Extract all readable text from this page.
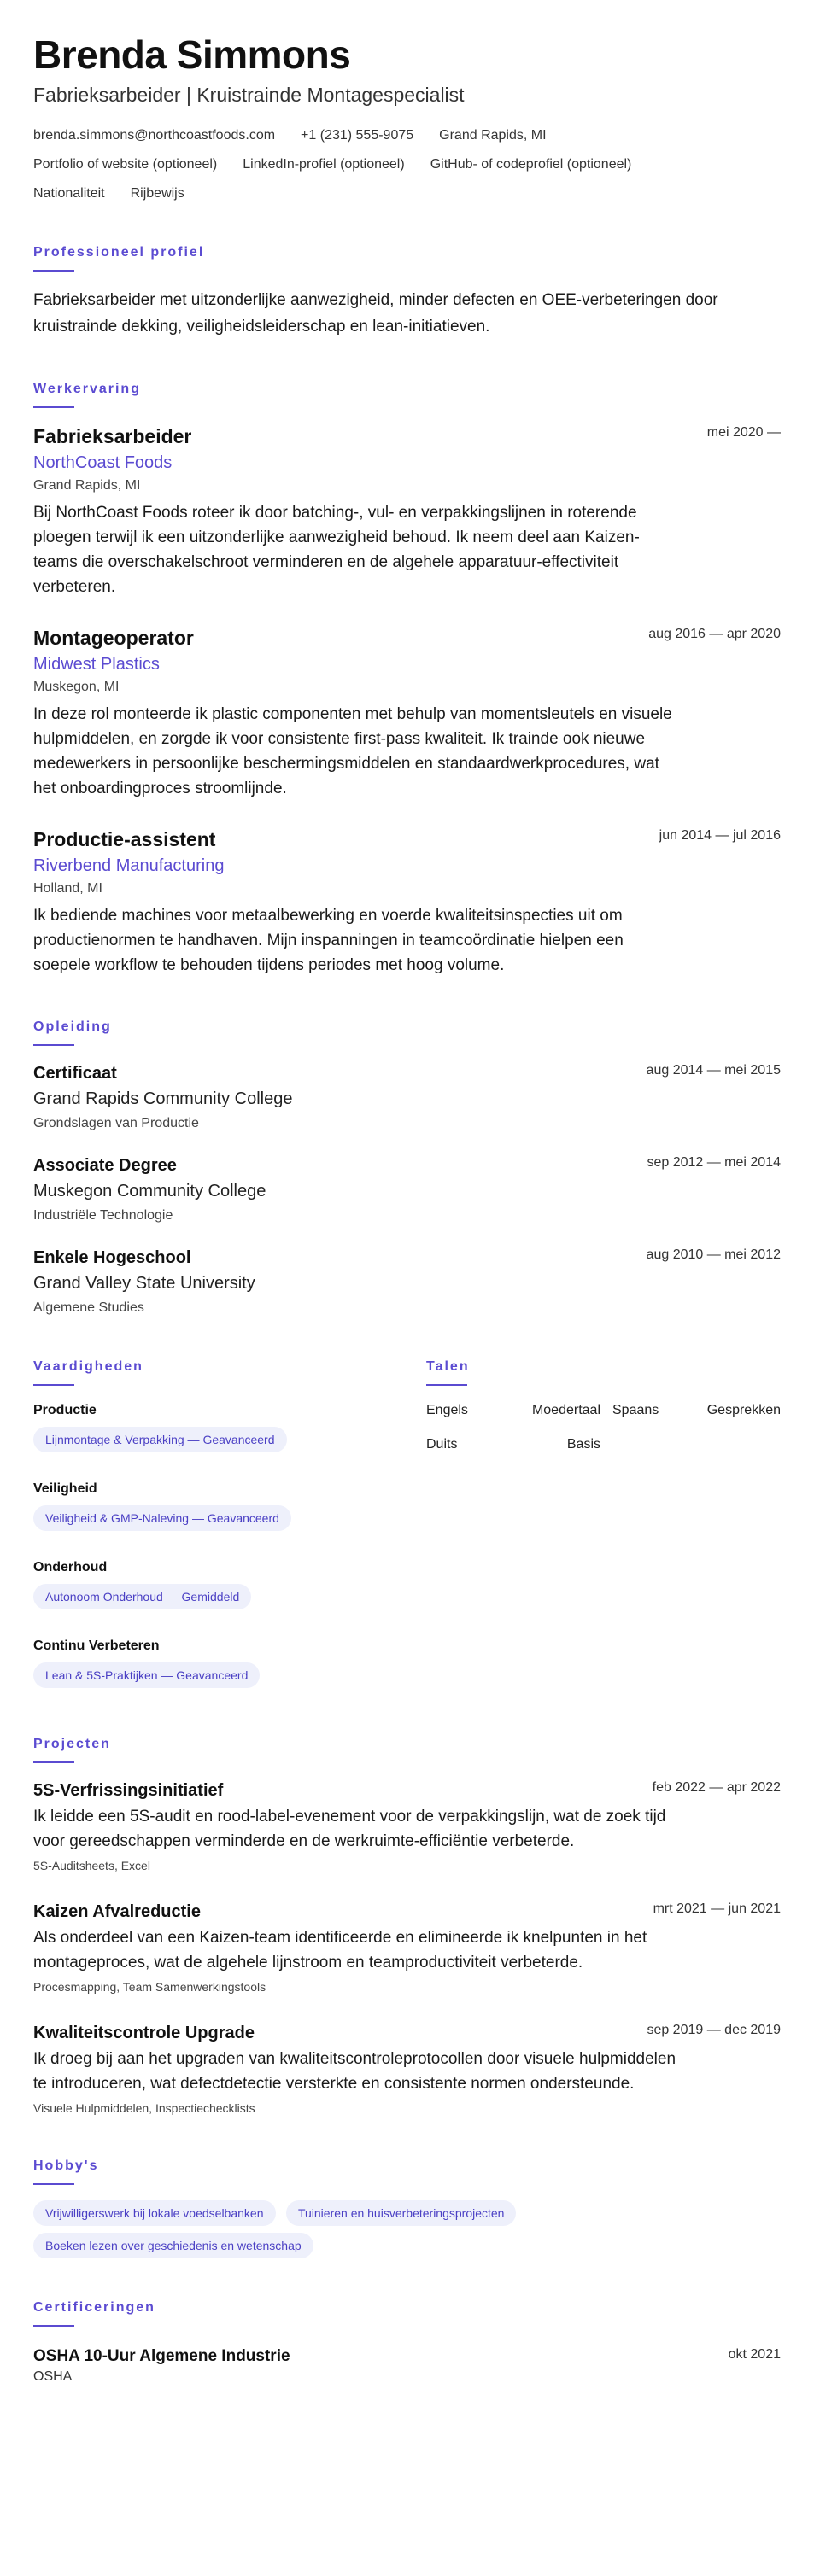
Brenda Simmons
Fabrieksarbeider | Kruistrainde Montagespecialist
brenda.simmons@northcoastfoods.com +1 (231) 555-9075 Grand Rapids, MI
Portfolio of website (optioneel) LinkedIn-profiel (optioneel) GitHub- of codeprofiel (optioneel)
Nationaliteit Rijbewijs
Professioneel profiel
Fabrieksarbeider met uitzonderlijke aanwezigheid, minder defecten en OEE-verbeteringen door kruistrainde dekking, veiligheidsleiderschap en lean-initiatieven.
Werkervaring
mei 2020 —
Fabrieksarbeider
NorthCoast Foods
Grand Rapids, MI
Bij NorthCoast Foods roteer ik door batching-, vul- en verpakkingslijnen in roterende ploegen terwijl ik een uitzonderlijke aanwezigheid behoud. Ik neem deel aan Kaizen-teams die overschakelschroot verminderen en de algehele apparatuur-effectiviteit verbeteren.
aug 2016 — apr 2020
Montageoperator
Midwest Plastics
Muskegon, MI
In deze rol monteerde ik plastic componenten met behulp van momentsleutels en visuele hulpmiddelen, en zorgde ik voor consistente first-pass kwaliteit. Ik trainde ook nieuwe medewerkers in persoonlijke beschermingsmiddelen en standaardwerkprocedures, wat het onboardingproces stroomlijnde.
jun 2014 — jul 2016
Productie-assistent
Riverbend Manufacturing
Holland, MI
Ik bediende machines voor metaalbewerking en voerde kwaliteitsinspecties uit om productienormen te handhaven. Mijn inspanningen in teamcoördinatie hielpen een soepele workflow te behouden tijdens periodes met hoog volume.
Opleiding
aug 2014 — mei 2015
Certificaat
Grand Rapids Community College
Grondslagen van Productie
sep 2012 — mei 2014
Associate Degree
Muskegon Community College
Industriële Technologie
aug 2010 — mei 2012
Enkele Hogeschool
Grand Valley State University
Algemene Studies
Vaardigheden
Productie
Lijnmontage & Verpakking — Geavanceerd
Veiligheid
Veiligheid & GMP-Naleving — Geavanceerd
Onderhoud
Autonoom Onderhoud — Gemiddeld
Continu Verbeteren
Lean & 5S-Praktijken — Geavanceerd
Talen
Engels	Moedertaal Spaans	Gesprekken
Duits	Basis
Projecten
feb 2022 — apr 2022
5S-Verfrissingsinitiatief
Ik leidde een 5S-audit en rood-label-evenement voor de verpakkingslijn, wat de zoek tijd voor gereedschappen verminderde en de werkruimte-efficiëntie verbeterde.
5S-Auditsheets, Excel
mrt 2021 — jun 2021
Kaizen Afvalreductie
Als onderdeel van een Kaizen-team identificeerde en elimineerde ik knelpunten in het montageproces, wat de algehele lijnstroom en teamproductiviteit verbeterde.
Procesmapping, Team Samenwerkingstools
sep 2019 — dec 2019
Kwaliteitscontrole Upgrade
Ik droeg bij aan het upgraden van kwaliteitscontroleprotocollen door visuele hulpmiddelen te introduceren, wat defectdetectie versterkte en consistente normen ondersteunde.
Visuele Hulpmiddelen, Inspectiechecklists
Hobby's
Vrijwilligerswerk bij lokale voedselbanken	Tuinieren en huisverbeteringsprojecten Boeken lezen over geschiedenis en wetenschap
Certificeringen
okt 2021
OSHA 10-Uur Algemene Industrie
OSHA
